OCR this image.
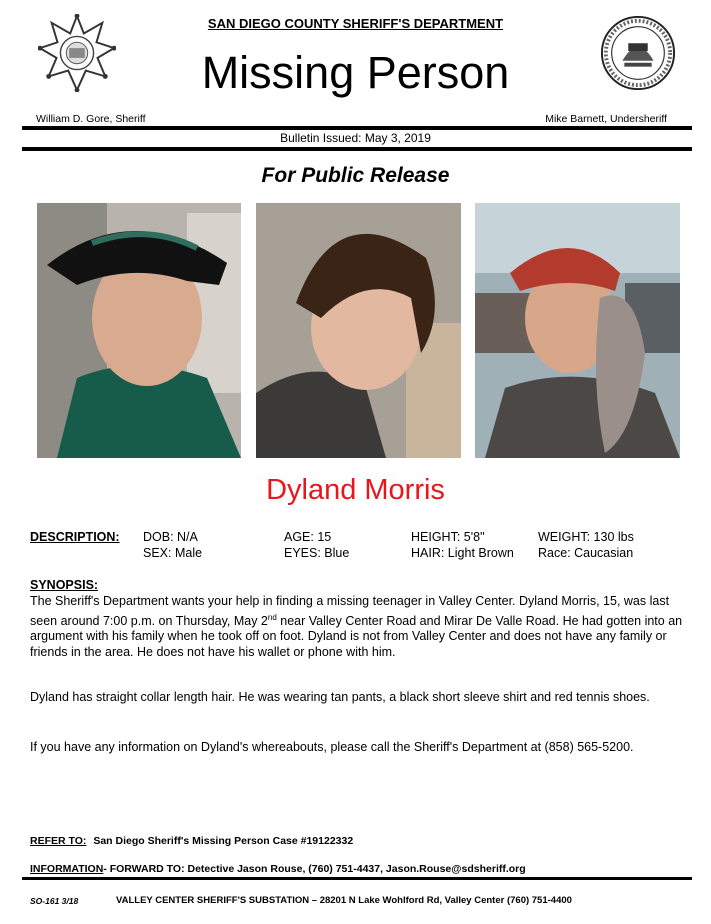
SAN DIEGO COUNTY SHERIFF'S DEPARTMENT
Missing Person
William D. Gore, Sheriff	Mike Barnett, Undersheriff
Bulletin Issued: May 3, 2019
For Public Release
Dyland Morris
DESCRIPTION: DOB: N/A
SEX: Male
AGE: 15
EYES: Blue
HEIGHT: 5'8"
HAIR: Light Brown
WEIGHT: 130 lbs
Race: Caucasian
SYNOPSIS:
The Sheriff's Department wants your help in finding a missing teenager in Valley Center. Dyland Morris, 15, was last seen around 7:00 p.m. on Thursday, May 2nd near Valley Center Road and Mirar De Valle Road. He had gotten into an argument with his family when he took off on foot. Dyland is not from Valley Center and does not have any family or friends in the area. He does not have his wallet or phone with him.
Dyland has straight collar length hair. He was wearing tan pants, a black short sleeve shirt and red tennis shoes.
If you have any information on Dyland's whereabouts, please call the Sheriff's Department at (858) 565-5200.
REFER TO: San Diego Sheriff's Missing Person Case #19122332
INFORMATION- FORWARD TO: Detective Jason Rouse, (760) 751-4437, Jason.Rouse@sdsheriff.org
SO-161 3/18	VALLEY CENTER SHERIFF'S SUBSTATION – 28201 N Lake Wohlford Rd, Valley Center (760) 751-4400
